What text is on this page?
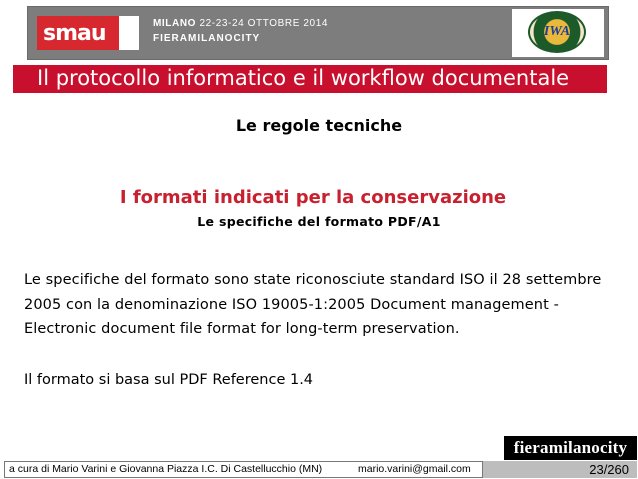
smau	MILANO 22-23-24 OTTOBRE 2014
FIERAMILANOCITY	IWA
Il protocollo informatico e il workflow documentale
Le regole tecniche
I formati indicati per la conservazione
Le specifiche del formato PDF/A1
Le specifiche del formato sono state riconosciute standard ISO il 28 settembre 2005 con la denominazione ISO 19005-1:2005 Document management - Electronic document file format for long-term preservation.
Il formato si basa sul PDF Reference 1.4
fieramilanocity
a cura di Mario Varini e Giovanna Piazza I.C. Di Castellucchio (MN)	mario.varini@gmail.com	23/260
